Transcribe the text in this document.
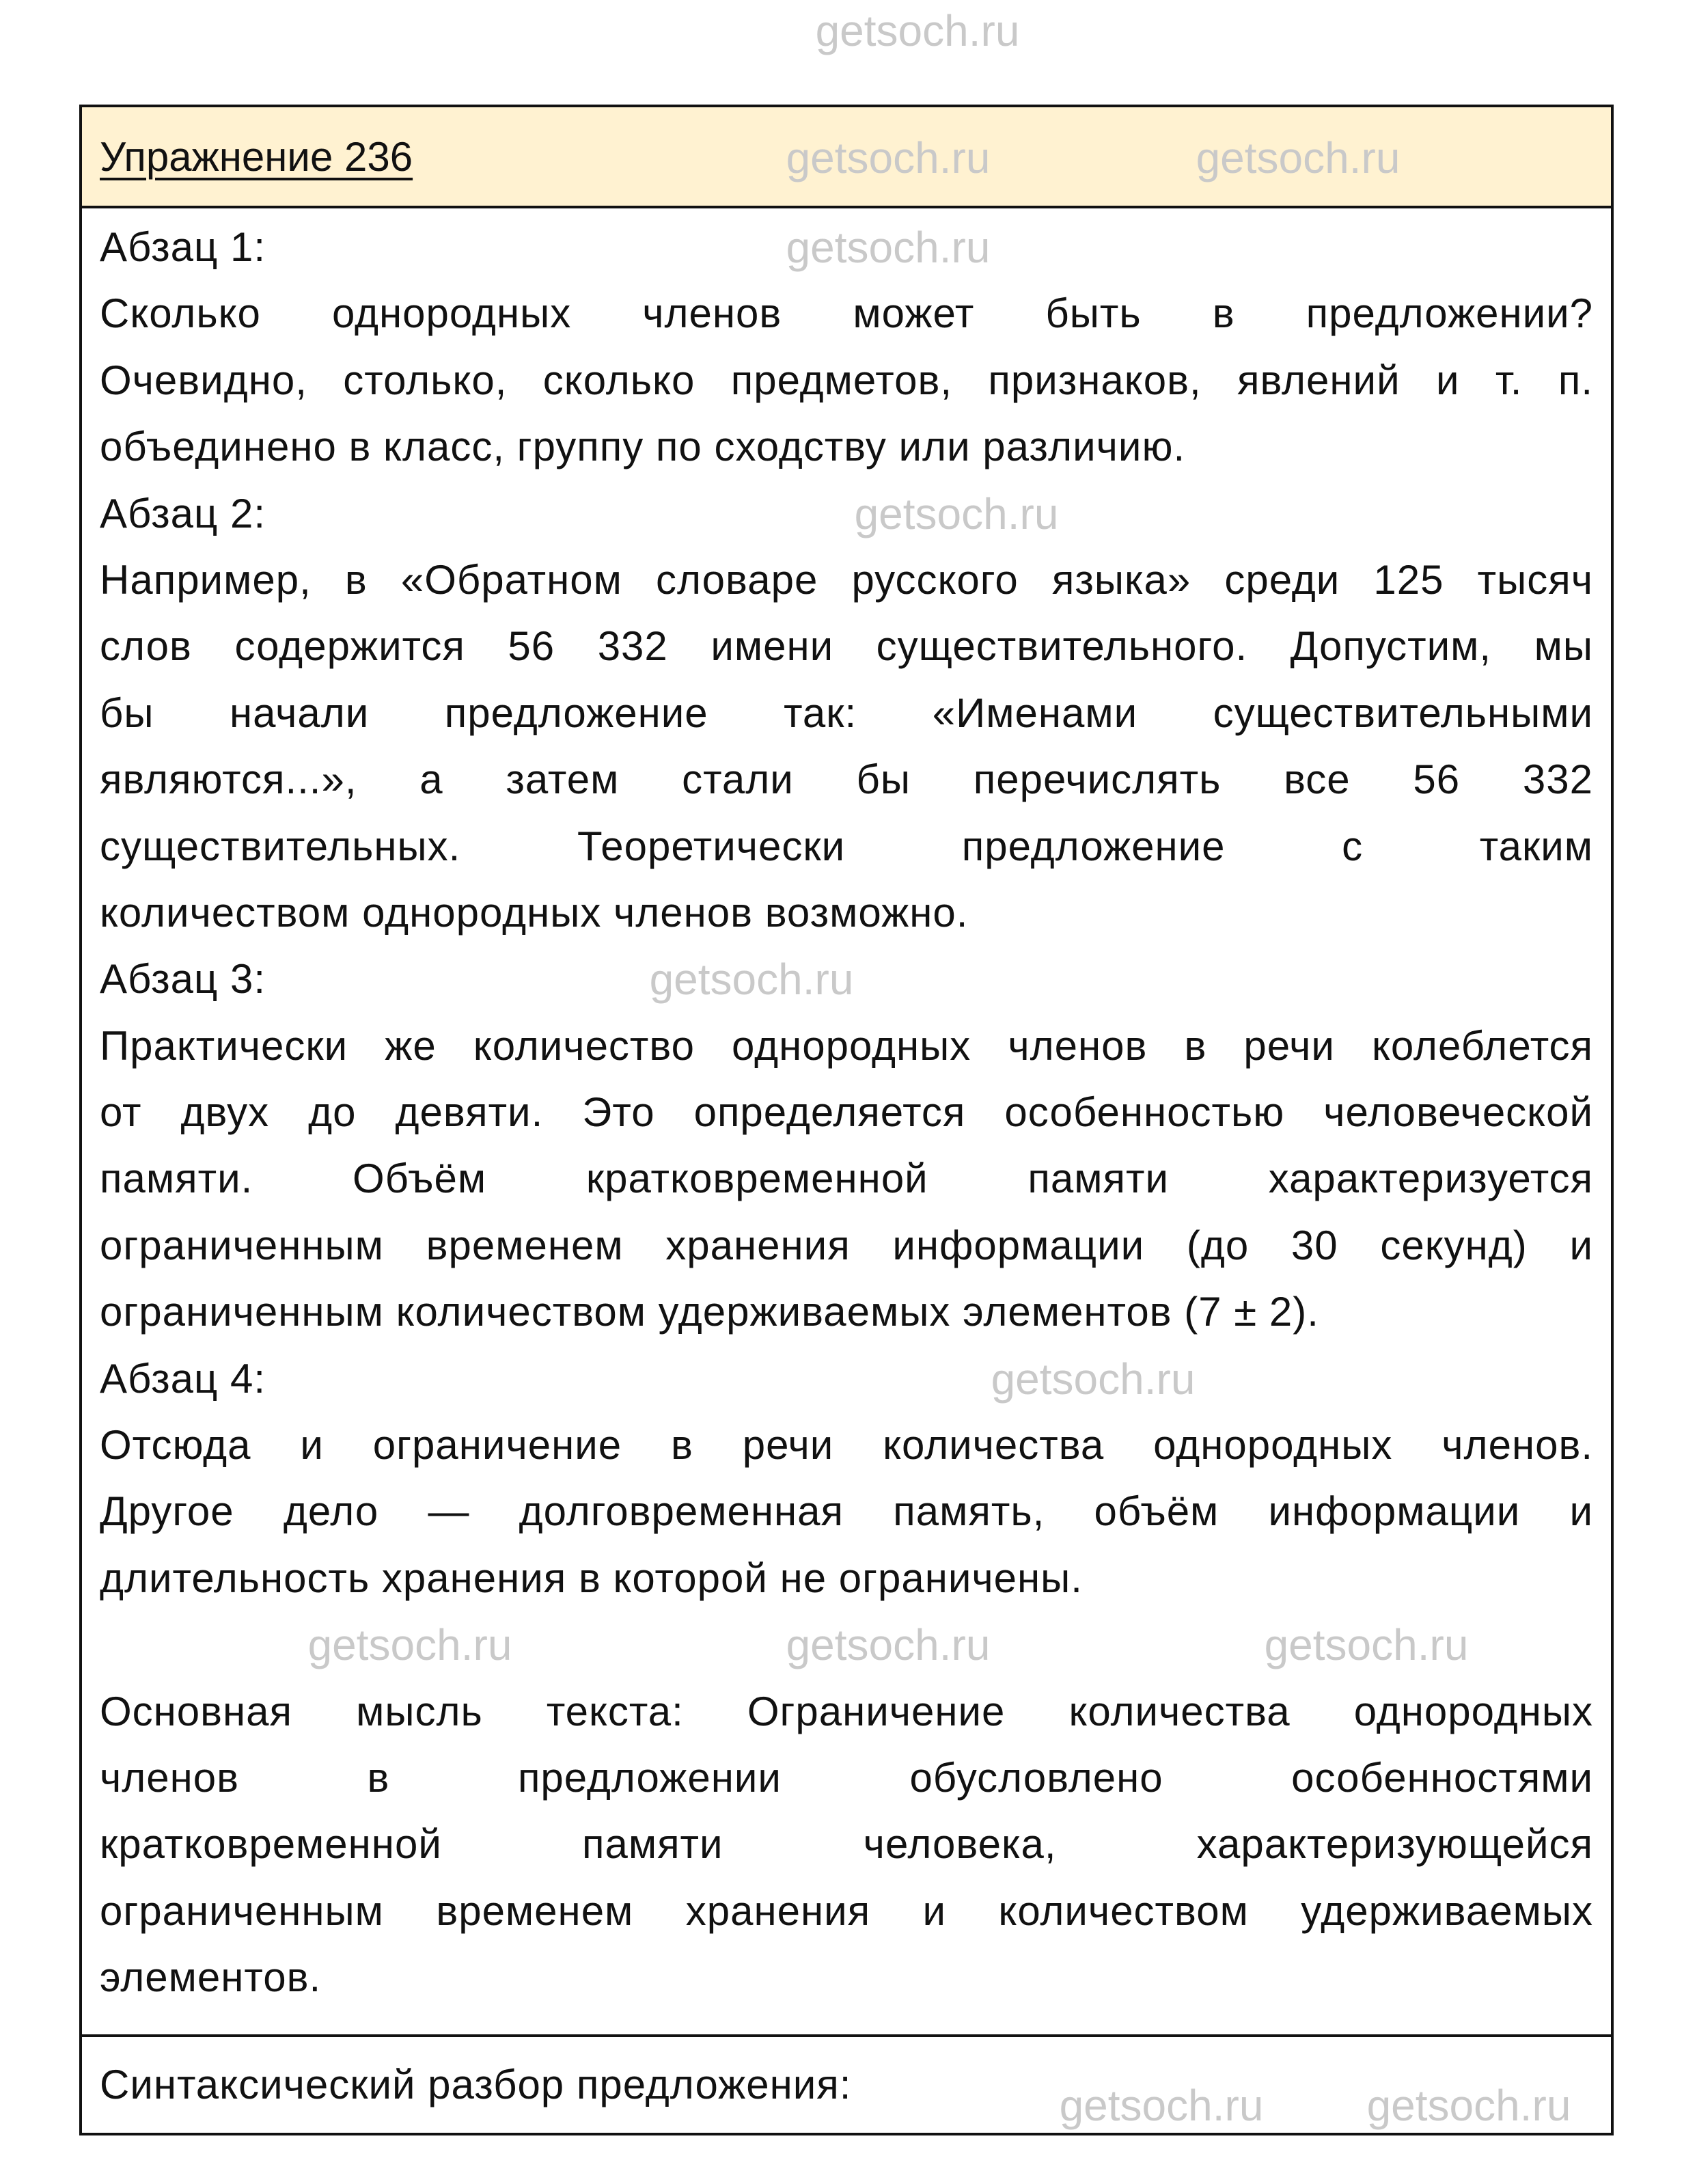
Упражнение 236
Абзац 1:
Сколько однородных членов может быть в предложении?
Очевидно, столько, сколько предметов, признаков, явлений и т. п.
объединено в класс, группу по сходству или различию.
Абзац 2:
Например, в «Обратном словаре русского языка» среди 125 тысяч
слов содержится 56 332 имени существительного. Допустим, мы
бы начали предложение так: «Именами существительными
являются...», а затем стали бы перечислять все 56 332
существительных. Теоретически предложение с таким
количеством однородных членов возможно.
Абзац 3:
Практически же количество однородных членов в речи колеблется
от двух до девяти. Это определяется особенностью человеческой
памяти. Объём кратковременной памяти характеризуется
ограниченным временем хранения информации (до 30 секунд) и
ограниченным количеством удерживаемых элементов (7 ± 2).
Абзац 4:
Отсюда и ограничение в речи количества однородных членов.
Другое дело — долговременная память, объём информации и
длительность хранения в которой не ограничены.
Основная мысль текста: Ограничение количества однородных
членов в предложении обусловлено особенностями
кратковременной памяти человека, характеризующейся
ограниченным временем хранения и количеством удерживаемых
элементов.
Синтаксический разбор предложения:
getsoch.ru
getsoch.ru	getsoch.ru
getsoch.ru
getsoch.ru
getsoch.ru
getsoch.ru
getsoch.ru	getsoch.ru	getsoch.ru
getsoch.ru getsoch.ru
